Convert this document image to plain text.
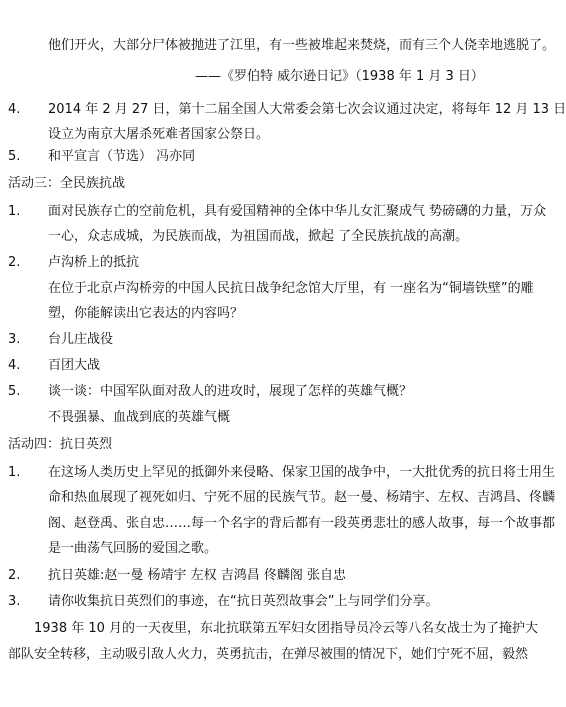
他们开火，大部分尸体被抛进了江里，有一些被堆起来焚烧，而有三个人侥幸地逃脱了。
——《罗伯特 威尔逊日记》（1938 年 1 月 3 日）
4. 2014 年 2 月 27 日，第十二届全国人大常委会第七次会议通过决定，将每年 12 月 13 日
设立为南京大屠杀死难者国家公祭日。
5. 和平宣言（节选） 冯亦同
活动三：全民族抗战
1. 面对民族存亡的空前危机，具有爱国精神的全体中华儿女汇聚成气 势磅礴的力量，万众
一心，众志成城，为民族而战，为祖国而战，掀起 了全民族抗战的高潮。
2. 卢沟桥上的抵抗
在位于北京卢沟桥旁的中国人民抗日战争纪念馆大厅里，有 一座名为“铜墙铁壁”的雕
塑，你能解读出它表达的内容吗？
3. 台儿庄战役
4. 百团大战
5. 谈一谈：中国军队面对敌人的进攻时，展现了怎样的英雄气概？
不畏强暴、血战到底的英雄气概
活动四：抗日英烈
1. 在这场人类历史上罕见的抵御外来侵略、保家卫国的战争中，一大批优秀的抗日将士用生
命和热血展现了视死如归、宁死不屈的民族气节。赵一曼、杨靖宇、左权、吉鸿昌、佟麟
阁、赵登禹、张自忠……每一个名字的背后都有一段英勇悲壮的感人故事，每一个故事都
是一曲荡气回肠的爱国之歌。
2. 抗日英雄:赵一曼 杨靖宇 左权 吉鸿昌 佟麟阁 张自忠
3. 请你收集抗日英烈们的事迹，在“抗日英烈故事会”上与同学们分享。
1938 年 10 月的一天夜里，东北抗联第五军妇女团指导员冷云等八名女战士为了掩护大
部队安全转移，主动吸引敌人火力，英勇抗击，在弹尽被围的情况下，她们宁死不屈，毅然
